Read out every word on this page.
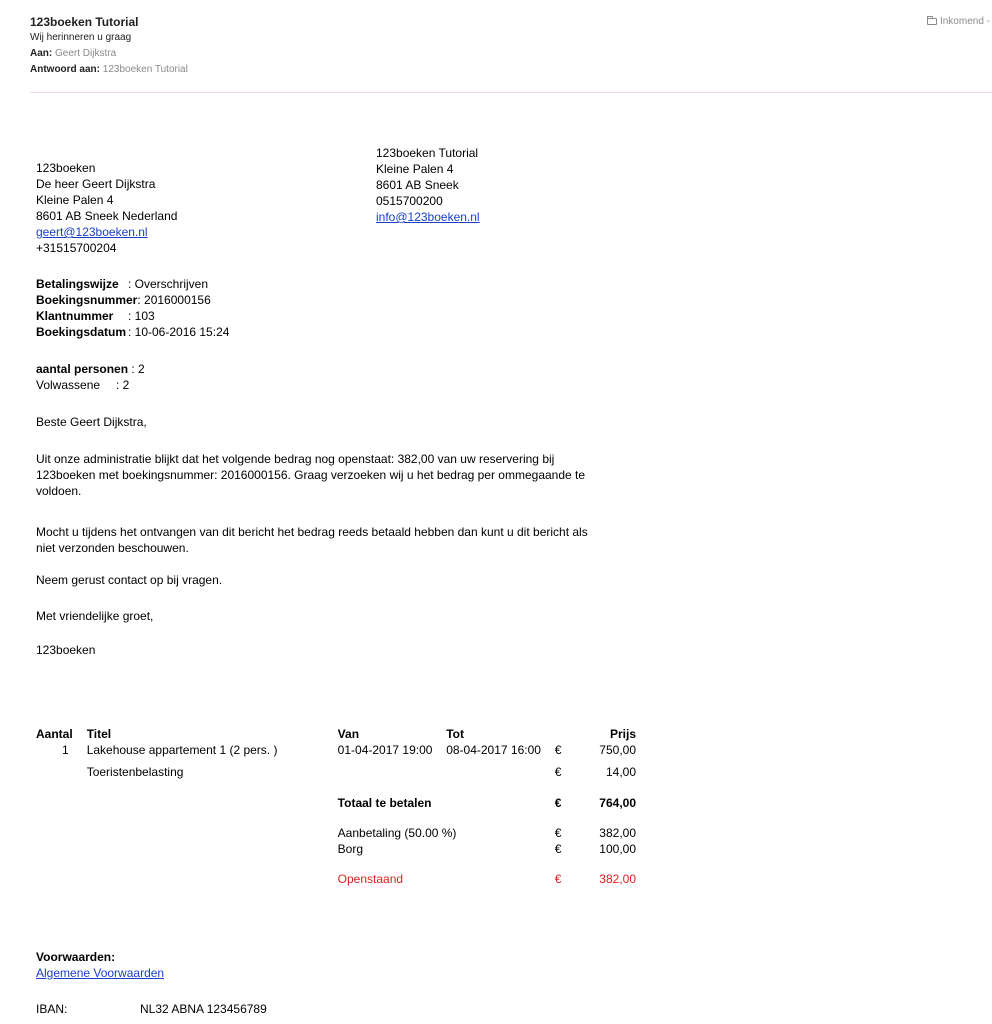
123boeken Tutorial
Wij herinneren u graag
Aan: Geert Dijkstra
Antwoord aan: 123boeken Tutorial
Inkomend -
123boeken Tutorial
Kleine Palen 4
8601 AB Sneek
0515700200
info@123boeken.nl
123boeken
De heer Geert Dijkstra
Kleine Palen 4
8601 AB Sneek Nederland
geert@123boeken.nl
+31515700204
Betalingswijze : Overschrijven
Boekingsnummer: 2016000156
Klantnummer : 103
Boekingsdatum : 10-06-2016 15:24
aantal personen : 2
Volwassene : 2
Beste Geert Dijkstra,
Uit onze administratie blijkt dat het volgende bedrag nog openstaat: 382,00 van uw reservering bij
123boeken met boekingsnummer: 2016000156. Graag verzoeken wij u het bedrag per ommegaande te
voldoen.
Mocht u tijdens het ontvangen van dit bericht het bedrag reeds betaald hebben dan kunt u dit bericht als
niet verzonden beschouwen.
Neem gerust contact op bij vragen.
Met vriendelijke groet,
123boeken
Aantal	Titel	Van	Tot		Prijs
1	Lakehouse appartement 1 (2 pers. )	01-04-2017 19:00	08-04-2017 16:00	€	750,00

	Toeristenbelasting			€	14,00

		Totaal te betalen		€	764,00

		Aanbetaling (50.00 %)		€	382,00
		Borg		€	100,00

		Openstaand		€	382,00
Voorwaarden:
Algemene Voorwaarden
IBAN:	NL32 ABNA 123456789
